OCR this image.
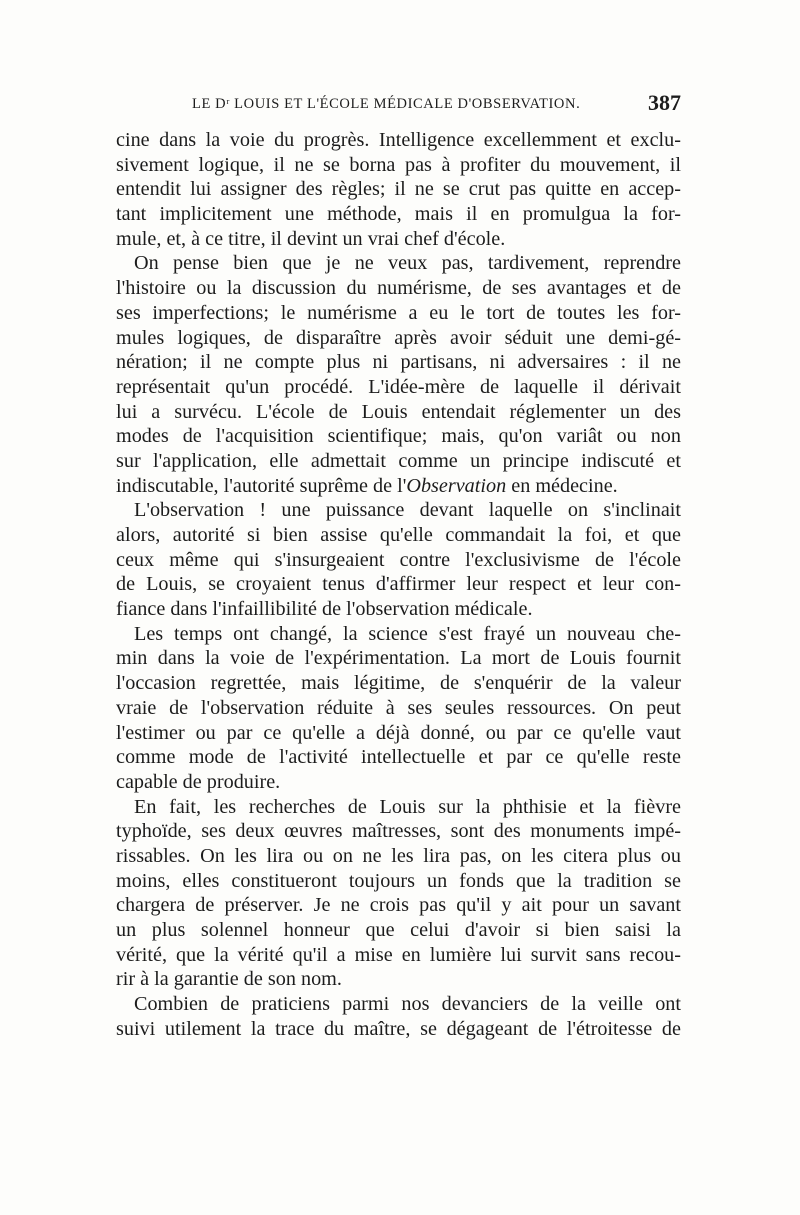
LE Dʳ LOUIS ET L'ÉCOLE MÉDICALE D'OBSERVATION.	387
cine dans la voie du progrès. Intelligence excellemment et exclu-
sivement logique, il ne se borna pas à profiter du mouvement, il
entendit lui assigner des règles; il ne se crut pas quitte en accep-
tant implicitement une méthode, mais il en promulgua la for-
mule, et, à ce titre, il devint un vrai chef d'école.
On pense bien que je ne veux pas, tardivement, reprendre
l'histoire ou la discussion du numérisme, de ses avantages et de
ses imperfections; le numérisme a eu le tort de toutes les for-
mules logiques, de disparaître après avoir séduit une demi-gé-
nération; il ne compte plus ni partisans, ni adversaires : il ne
représentait qu'un procédé. L'idée-mère de laquelle il dérivait
lui a survécu. L'école de Louis entendait réglementer un des
modes de l'acquisition scientifique; mais, qu'on variât ou non
sur l'application, elle admettait comme un principe indiscuté et
indiscutable, l'autorité suprême de l'Observation en médecine.
L'observation ! une puissance devant laquelle on s'inclinait
alors, autorité si bien assise qu'elle commandait la foi, et que
ceux même qui s'insurgeaient contre l'exclusivisme de l'école
de Louis, se croyaient tenus d'affirmer leur respect et leur con-
fiance dans l'infaillibilité de l'observation médicale.
Les temps ont changé, la science s'est frayé un nouveau che-
min dans la voie de l'expérimentation. La mort de Louis fournit
l'occasion regrettée, mais légitime, de s'enquérir de la valeur
vraie de l'observation réduite à ses seules ressources. On peut
l'estimer ou par ce qu'elle a déjà donné, ou par ce qu'elle vaut
comme mode de l'activité intellectuelle et par ce qu'elle reste
capable de produire.
En fait, les recherches de Louis sur la phthisie et la fièvre
typhoïde, ses deux œuvres maîtresses, sont des monuments impé-
rissables. On les lira ou on ne les lira pas, on les citera plus ou
moins, elles constitueront toujours un fonds que la tradition se
chargera de préserver. Je ne crois pas qu'il y ait pour un savant
un plus solennel honneur que celui d'avoir si bien saisi la
vérité, que la vérité qu'il a mise en lumière lui survit sans recou-
rir à la garantie de son nom.
Combien de praticiens parmi nos devanciers de la veille ont
suivi utilement la trace du maître, se dégageant de l'étroitesse de
